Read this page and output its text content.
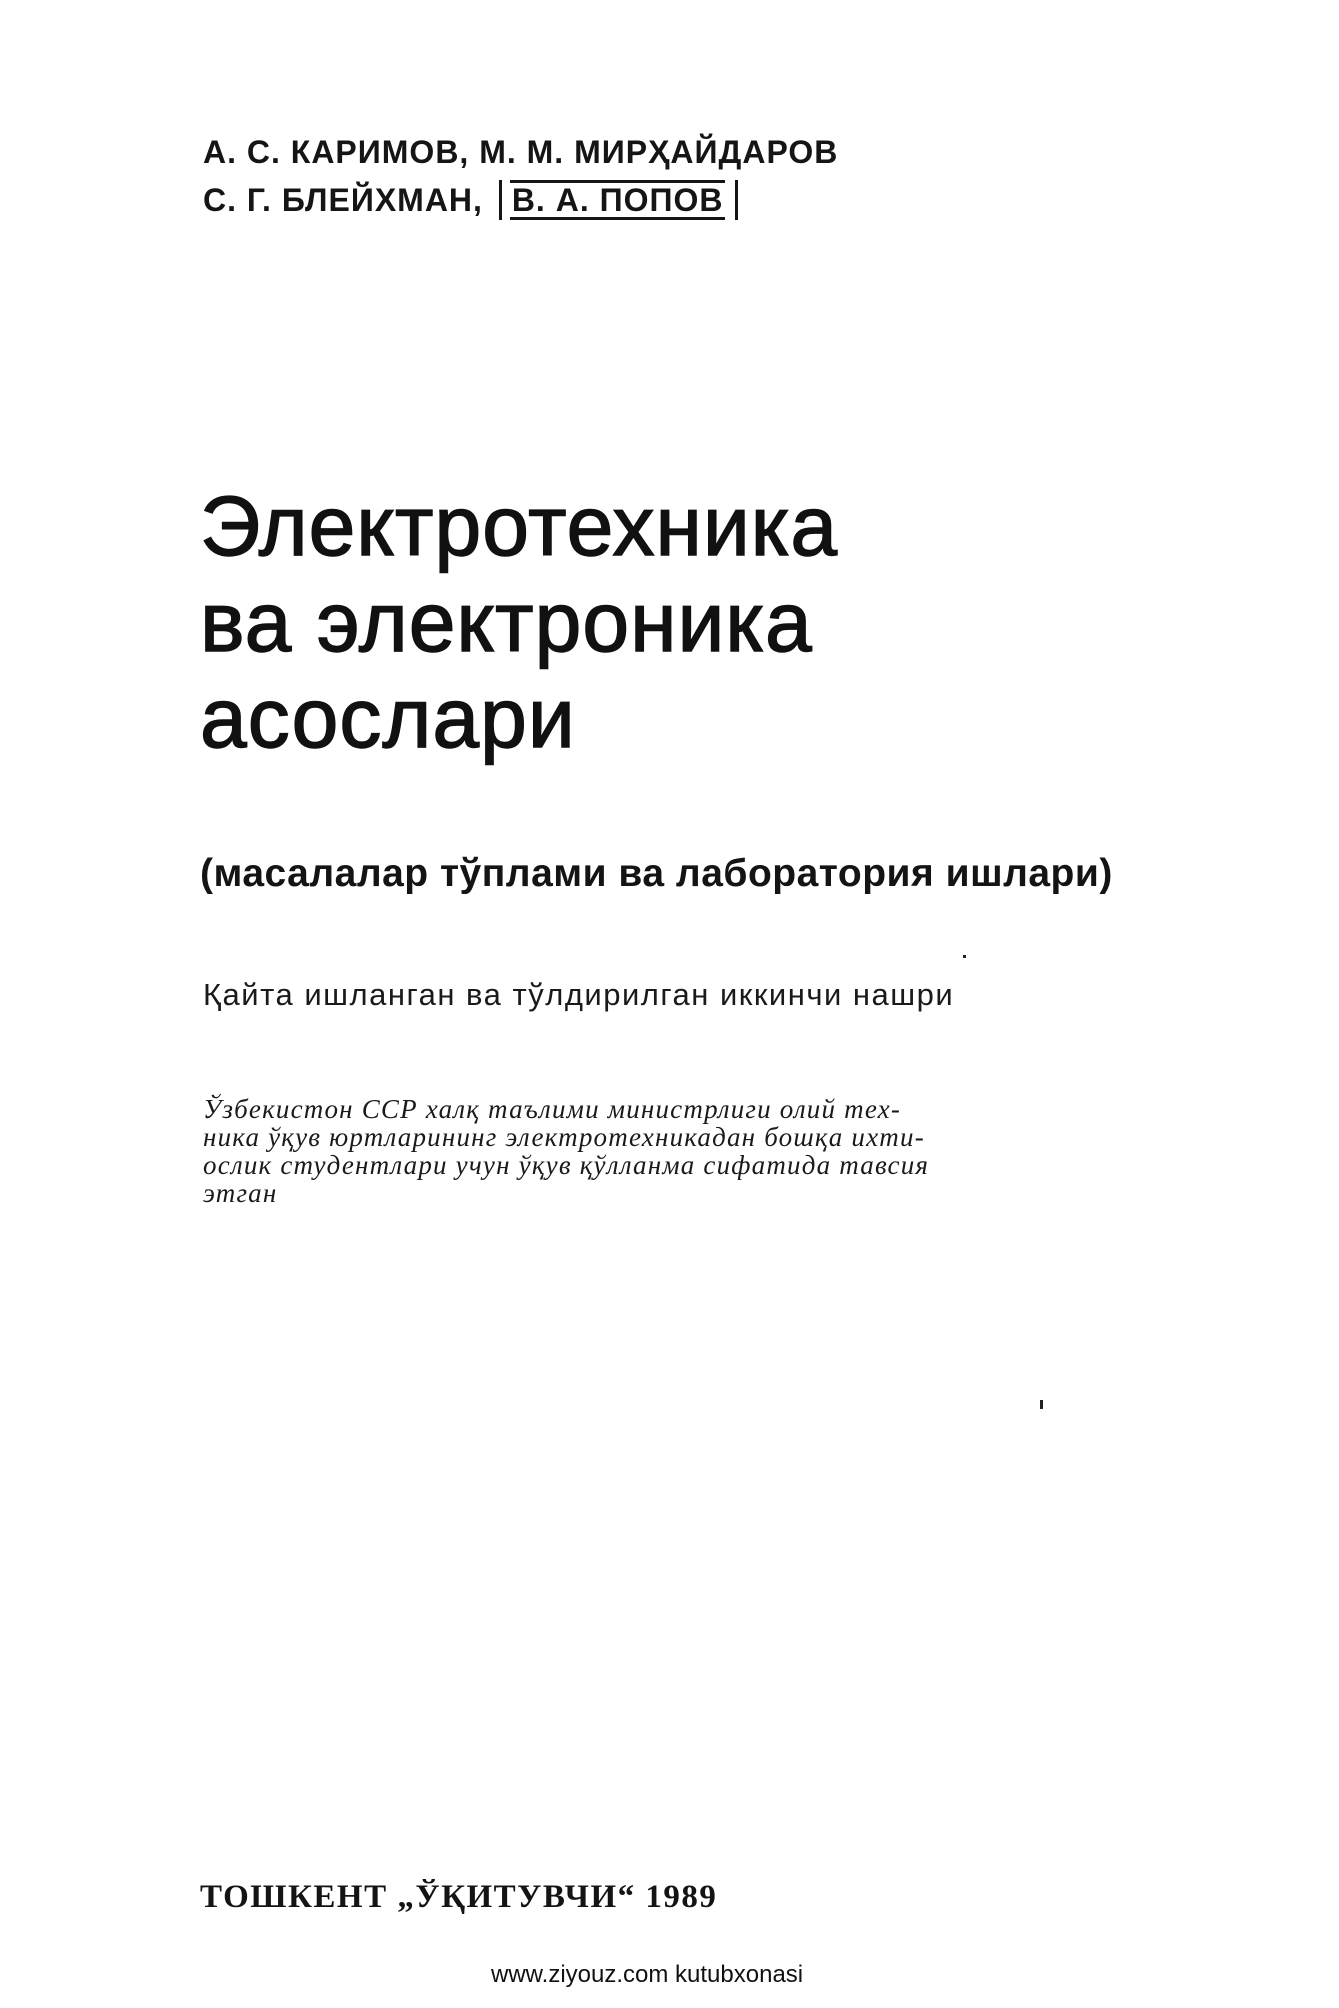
А. С. КАРИМОВ, М. М. МИРҲАЙДАРОВ
С. Г. БЛЕЙХМАН, В. А. ПОПОВ
Электротехника
ва электроника
асослари
(масалалар тўплами ва лаборатория ишлари)
Қайта ишланган ва тўлдирилган иккинчи нашри
Ўзбекистон ССР халқ таълими министрлиги олий тех-
ника ўқув юртларининг электротехникадан бошқа ихти-
ослик студентлари учун ўқув қўлланма сифатида тавсия
этган
ТОШКЕНТ „ЎҚИТУВЧИ“ 1989
www.ziyouz.com kutubxonasi
